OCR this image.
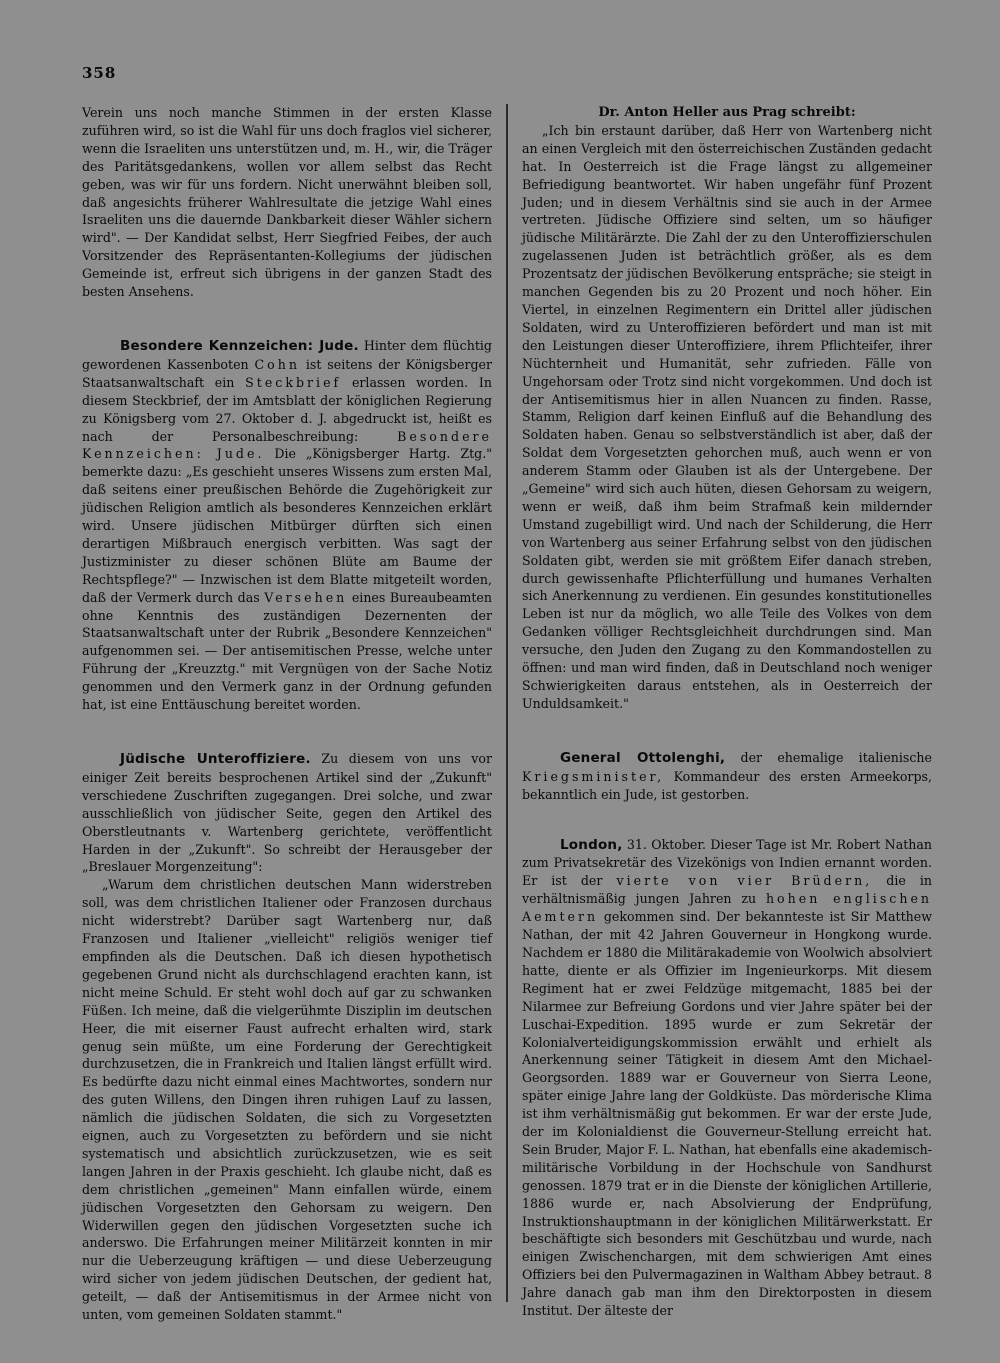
358

Verein uns noch manche Stimmen in der ersten Klasse zuführen wird, so ist die Wahl für uns doch fraglos viel sicherer, wenn die Israeliten uns unterstützen und, m. H., wir, die Träger des Paritätsgedankens, wollen vor allem selbst das Recht geben, was wir für uns fordern. Nicht unerwähnt bleiben soll, daß angesichts früherer Wahlresultate die jetzige Wahl eines Israeliten uns die dauernde Dankbarkeit dieser Wähler sichern wird". — Der Kandidat selbst, Herr Siegfried Feibes, der auch Vorsitzender des Repräsentanten-Kollegiums der jüdischen Gemeinde ist, erfreut sich übrigens in der ganzen Stadt des besten Ansehens.

Besondere Kennzeichen: Jude. Hinter dem flüchtig gewordenen Kassenboten Cohn ist seitens der Königsberger Staatsanwaltschaft ein Steckbrief erlassen worden. In diesem Steckbrief, der im Amtsblatt der königlichen Regierung zu Königsberg vom 27. Oktober d. J. abgedruckt ist, heißt es nach der Personalbeschreibung:	Besondere Kennzeichen: Jude. Die „Königsberger Hartg. Ztg." bemerkte dazu: „Es geschieht unseres Wissens zum ersten Mal, daß seitens einer preußischen Behörde die Zugehörigkeit zur jüdischen Religion amtlich als besonderes Kennzeichen erklärt wird. Unsere jüdischen Mitbürger dürften sich einen derartigen Mißbrauch energisch verbitten. Was sagt der Justizminister zu dieser schönen Blüte am Baume der Rechtspflege?" — Inzwischen ist dem Blatte mitgeteilt worden, daß der Vermerk durch das Versehen eines Bureaubeamten ohne Kenntnis des zuständigen Dezernenten der Staatsanwaltschaft unter der Rubrik „Besondere Kennzeichen" aufgenommen sei. — Der antisemitischen Presse, welche unter Führung der „Kreuzztg." mit Vergnügen von der Sache Notiz genommen und den Vermerk ganz in der Ordnung gefunden hat, ist eine Enttäuschung bereitet worden.

Jüdische Unteroffiziere. Zu diesem von uns vor einiger Zeit bereits besprochenen Artikel sind der „Zukunft" verschiedene Zuschriften zugegangen. Drei solche, und zwar ausschließlich von jüdischer Seite, gegen den Artikel des Oberstleutnants v. Wartenberg gerichtete, veröffentlicht Harden in der „Zukunft". So schreibt der Herausgeber der „Breslauer Morgenzeitung":

„Warum dem christlichen deutschen Mann widerstreben soll, was dem christlichen Italiener oder Franzosen durchaus nicht widerstrebt? Darüber sagt Wartenberg nur, daß Franzosen und Italiener „vielleicht" religiös weniger tief empfinden als die Deutschen. Daß ich diesen hypothetisch gegebenen Grund nicht als durchschlagend erachten kann, ist nicht meine Schuld. Er steht wohl doch auf gar zu schwanken Füßen. Ich meine, daß die vielgerühmte Disziplin im deutschen Heer, die mit eiserner Faust aufrecht erhalten wird, stark genug sein müßte, um eine Forderung der Gerechtigkeit durchzusetzen, die in Frankreich und Italien längst erfüllt wird. Es bedürfte dazu nicht einmal eines Machtwortes, sondern nur des guten Willens, den Dingen ihren ruhigen Lauf zu lassen, nämlich die jüdischen Soldaten, die sich zu Vorgesetzten eignen, auch zu Vorgesetzten zu befördern und sie nicht systematisch und absichtlich zurückzusetzen, wie es seit langen Jahren in der Praxis geschieht. Ich glaube nicht, daß es dem christlichen „gemeinen" Mann einfallen würde, einem jüdischen Vorgesetzten den Gehorsam zu weigern. Den Widerwillen gegen den jüdischen Vorgesetzten suche ich anderswo. Die Erfahrungen meiner Militärzeit konnten in mir nur die Ueberzeugung kräftigen — und diese Ueberzeugung wird sicher von jedem jüdischen Deutschen, der gedient hat, geteilt, — daß der Antisemitismus in der Armee nicht von unten, vom gemeinen Soldaten stammt."

Dr. Anton Heller aus Prag schreibt:

„Ich bin erstaunt darüber, daß Herr von Wartenberg nicht an einen Vergleich mit den österreichischen Zuständen gedacht hat. In Oesterreich ist die Frage längst zu allgemeiner Befriedigung beantwortet. Wir haben ungefähr fünf Prozent Juden; und in diesem Verhältnis sind sie auch in der Armee vertreten. Jüdische Offiziere sind selten, um so häufiger jüdische Militärärzte. Die Zahl der zu den Unteroffizierschulen zugelassenen Juden ist beträchtlich größer, als es dem Prozentsatz der jüdischen Bevölkerung entspräche; sie steigt in manchen Gegenden bis zu 20 Prozent und noch höher. Ein Viertel, in einzelnen Regimentern ein Drittel aller jüdischen Soldaten, wird zu Unteroffizieren befördert und man ist mit den Leistungen dieser Unteroffiziere, ihrem Pflichteifer, ihrer Nüchternheit und Humanität, sehr zufrieden. Fälle von Ungehorsam oder Trotz sind nicht vorgekommen. Und doch ist der Antisemitismus hier in allen Nuancen zu finden. Rasse, Stamm, Religion darf keinen Einfluß auf die Behandlung des Soldaten haben. Genau so selbstverständlich ist aber, daß der Soldat dem Vorgesetzten gehorchen muß, auch wenn er von anderem Stamm oder Glauben ist als der Untergebene. Der „Gemeine" wird sich auch hüten, diesen Gehorsam zu weigern, wenn er weiß, daß ihm beim Strafmaß kein mildernder Umstand zugebilligt wird. Und nach der Schilderung, die Herr von Wartenberg aus seiner Erfahrung selbst von den jüdischen Soldaten gibt, werden sie mit größtem Eifer danach streben, durch gewissenhafte Pflichterfüllung und humanes Verhalten sich Anerkennung zu verdienen. Ein gesundes konstitutionelles Leben ist nur da möglich, wo alle Teile des Volkes von dem Gedanken völliger Rechtsgleichheit durchdrungen sind. Man versuche, den Juden den Zugang zu den Kommandostellen zu öffnen: und man wird finden, daß in Deutschland noch weniger Schwierigkeiten daraus entstehen, als in Oesterreich der Unduldsamkeit."

General Ottolenghi, der ehemalige italienische Kriegsminister, Kommandeur des ersten Armeekorps, bekanntlich ein Jude, ist gestorben.

London, 31. Oktober. Dieser Tage ist Mr. Robert Nathan zum Privatsekretär des Vizekönigs von Indien ernannt worden. Er ist der vierte von vier Brüdern, die in verhältnismäßig jungen Jahren zu hohen englischen Aemtern gekommen sind. Der bekannteste ist Sir Matthew Nathan, der mit 42 Jahren Gouverneur in Hongkong wurde. Nachdem er 1880 die Militärakademie von Woolwich absolviert hatte, diente er als Offizier im Ingenieurkorps. Mit diesem Regiment hat er zwei Feldzüge mitgemacht, 1885 bei der Nilarmee zur Befreiung Gordons und vier Jahre später bei der Luschai-Expedition. 1895 wurde er zum Sekretär der Kolonialverteidigungskommission erwählt und erhielt als Anerkennung seiner Tätigkeit in diesem Amt den Michael-Georgsorden. 1889 war er Gouverneur von Sierra Leone, später einige Jahre lang der Goldküste. Das mörderische Klima ist ihm verhältnismäßig gut bekommen. Er war der erste Jude, der im Kolonialdienst die Gouverneur-Stellung erreicht hat. Sein Bruder, Major F. L. Nathan, hat ebenfalls eine akademisch-militärische Vorbildung in der Hochschule von Sandhurst genossen. 1879 trat er in die Dienste der königlichen Artillerie, 1886 wurde er, nach Absolvierung der Endprüfung, Instruktionshauptmann in der königlichen Militärwerkstatt. Er beschäftigte sich besonders mit Geschützbau und wurde, nach einigen Zwischenchargen, mit dem schwierigen Amt eines Offiziers bei den Pulvermagazinen in Waltham Abbey betraut. 8 Jahre danach gab man ihm den Direktorposten in diesem Institut. Der älteste der
